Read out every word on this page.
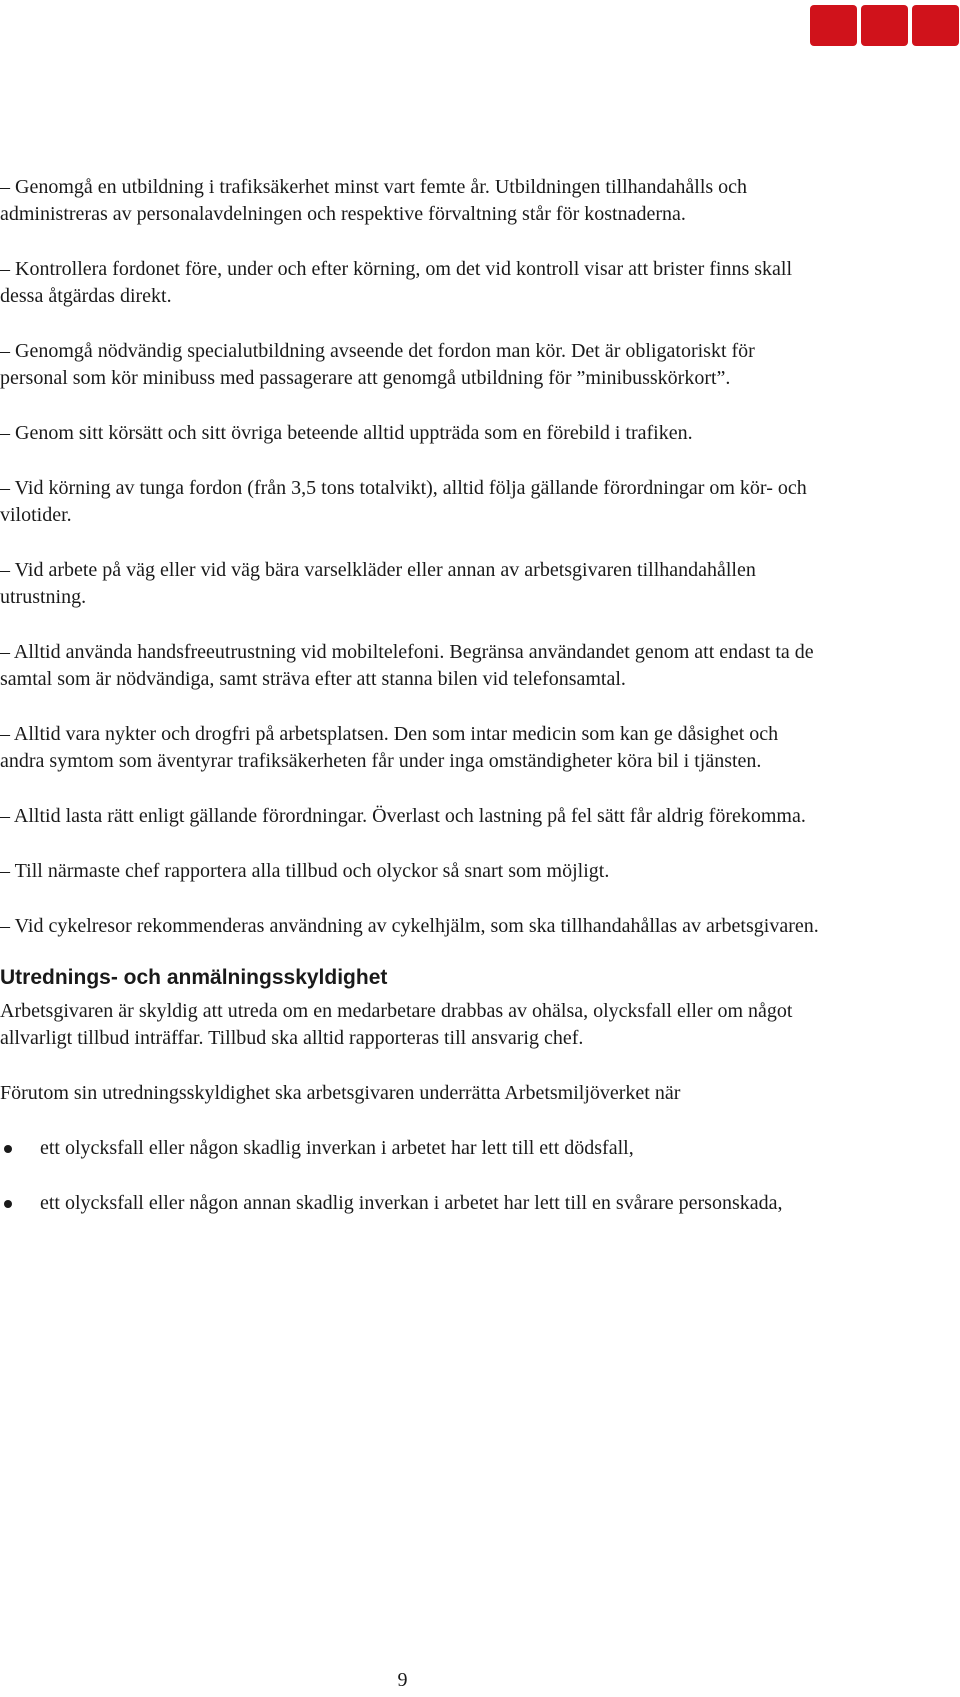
– Genomgå en utbildning i trafiksäkerhet minst vart femte år. Utbildningen tillhandahålls och administreras av personalavdelningen och respektive förvaltning står för kostnaderna.

– Kontrollera fordonet före, under och efter körning, om det vid kontroll visar att brister finns skall dessa åtgärdas direkt.

– Genomgå nödvändig specialutbildning avseende det fordon man kör. Det är obligatoriskt för personal som kör minibuss med passagerare att genomgå utbildning för ”minibusskörkort”.

– Genom sitt körsätt och sitt övriga beteende alltid uppträda som en förebild i trafiken.

– Vid körning av tunga fordon (från 3,5 tons totalvikt), alltid följa gällande förordningar om kör- och vilotider.

– Vid arbete på väg eller vid väg bära varselkläder eller annan av arbetsgivaren tillhandahållen utrustning.

– Alltid använda handsfreeutrustning vid mobiltelefoni. Begränsa användandet genom att endast ta de samtal som är nödvändiga, samt sträva efter att stanna bilen vid telefonsamtal.

– Alltid vara nykter och drogfri på arbetsplatsen. Den som intar medicin som kan ge dåsighet och andra symtom som äventyrar trafiksäkerheten får under inga omständigheter köra bil i tjänsten.

– Alltid lasta rätt enligt gällande förordningar. Överlast och lastning på fel sätt får aldrig förekomma.

– Till närmaste chef rapportera alla tillbud och olyckor så snart som möjligt.

– Vid cykelresor rekommenderas användning av cykelhjälm, som ska tillhandahållas av arbetsgivaren.

Utrednings- och anmälningsskyldighet

Arbetsgivaren är skyldig att utreda om en medarbetare drabbas av ohälsa, olycksfall eller om något allvarligt tillbud inträffar. Tillbud ska alltid rapporteras till ansvarig chef.

Förutom sin utredningsskyldighet ska arbetsgivaren underrätta Arbetsmiljöverket när

ett olycksfall eller någon skadlig inverkan i arbetet har lett till ett dödsfall,
ett olycksfall eller någon annan skadlig inverkan i arbetet har lett till en svårare personskada,
9
